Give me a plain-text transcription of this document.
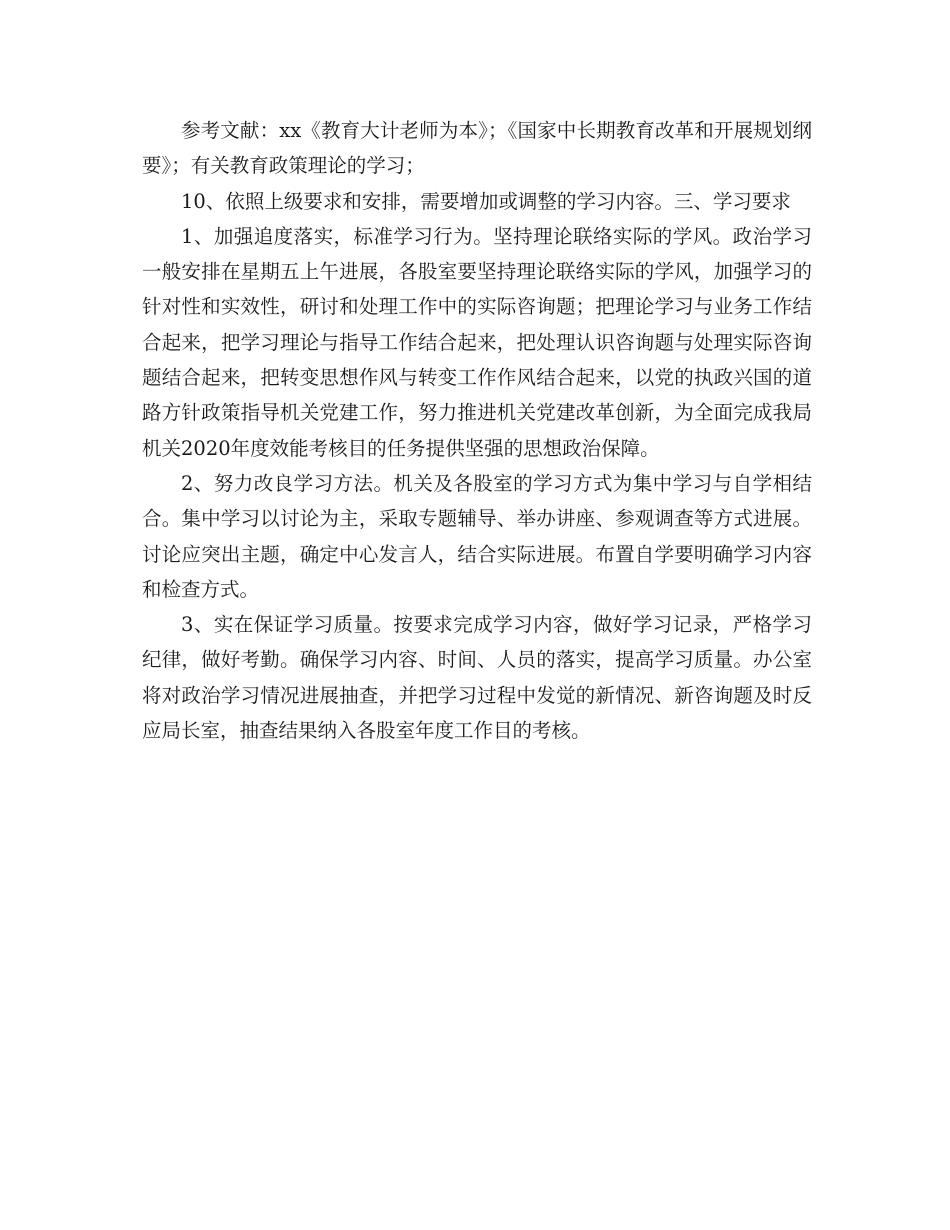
参考文献：xx《教育大计老师为本》；《国家中长期教育改革和开展规划纲要》；有关教育政策理论的学习；

10、依照上级要求和安排，需要增加或调整的学习内容。三、学习要求

1、加强追度落实，标准学习行为。坚持理论联络实际的学风。政治学习一般安排在星期五上午进展，各股室要坚持理论联络实际的学风，加强学习的针对性和实效性，研讨和处理工作中的实际咨询题；把理论学习与业务工作结合起来，把学习理论与指导工作结合起来，把处理认识咨询题与处理实际咨询题结合起来，把转变思想作风与转变工作作风结合起来，以党的执政兴国的道路方针政策指导机关党建工作，努力推进机关党建改革创新，为全面完成我局机关2020年度效能考核目的任务提供坚强的思想政治保障。

2、努力改良学习方法。机关及各股室的学习方式为集中学习与自学相结合。集中学习以讨论为主，采取专题辅导、举办讲座、参观调查等方式进展。讨论应突出主题，确定中心发言人，结合实际进展。布置自学要明确学习内容和检查方式。

3、实在保证学习质量。按要求完成学习内容，做好学习记录，严格学习纪律，做好考勤。确保学习内容、时间、人员的落实，提高学习质量。办公室将对政治学习情况进展抽查，并把学习过程中发觉的新情况、新咨询题及时反应局长室，抽查结果纳入各股室年度工作目的考核。
